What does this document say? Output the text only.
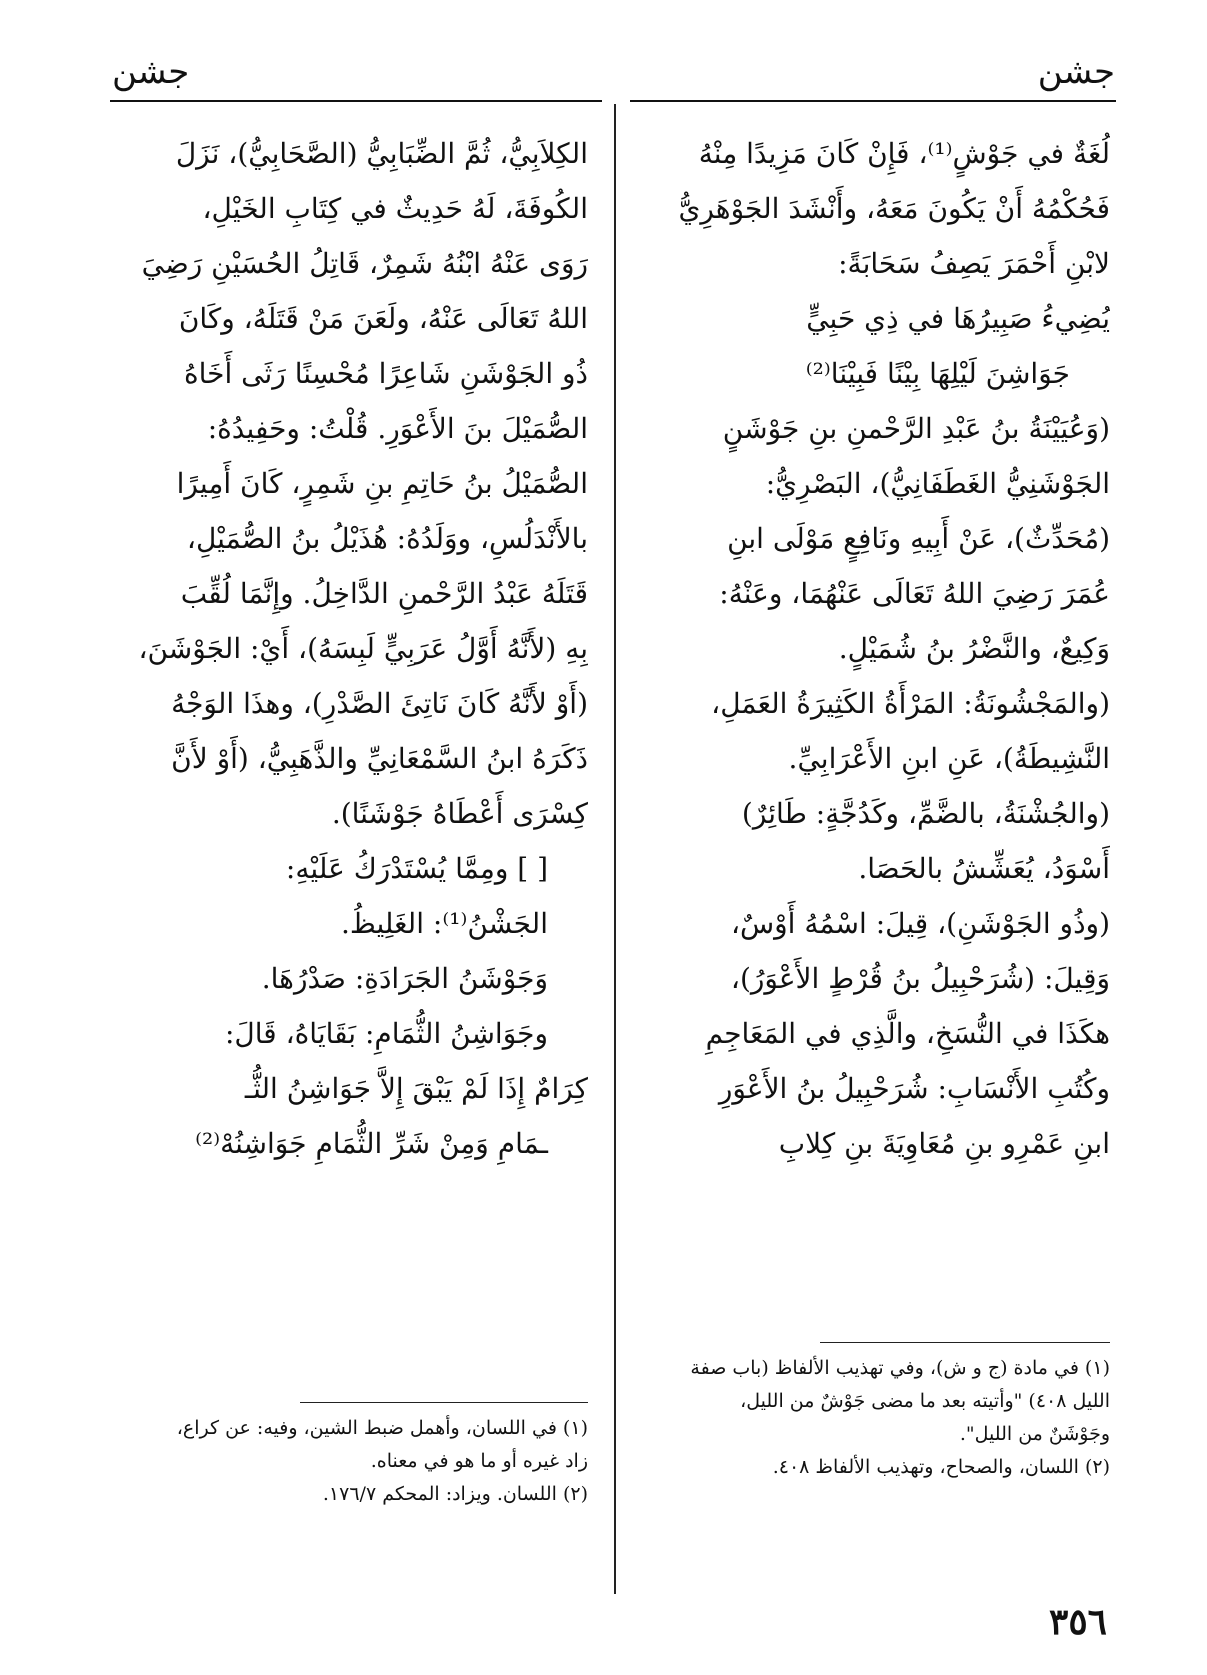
جشن
جشن
لُغَةٌ في جَوْشٍ⁽¹⁾، فَإِنْ كَانَ مَزِيدًا مِنْهُ
فَحُكْمُهُ أَنْ يَكُونَ مَعَهُ، وأَنْشَدَ الجَوْهَرِيُّ
لابْنِ أَحْمَرَ يَصِفُ سَحَابَةً:
يُضِيءُ صَبِيرُهَا في ذِي حَبِيٍّ
جَوَاشِنَ لَيْلِهَا بِيْنًا فَبِيْنَا⁽²⁾
(وَعُيَيْنَةُ بنُ عَبْدِ الرَّحْمنِ بنِ جَوْشَنٍ
الجَوْشَنِيُّ الغَطَفَانِيُّ)، البَصْرِيُّ:
(مُحَدِّثٌ)، عَنْ أَبِيهِ ونَافِعٍ مَوْلَى ابنِ
عُمَرَ رَضِيَ اللهُ تَعَالَى عَنْهُمَا، وعَنْهُ:
وَكِيعٌ، والنَّضْرُ بنُ شُمَيْلٍ.
(والمَجْشُونَةُ: المَرْأَةُ الكَثِيرَةُ العَمَلِ،
النَّشِيطَةُ)، عَنِ ابنِ الأَعْرَابِيِّ.
(والجُشْنَةُ، بالضَّمِّ، وكَدُجَّةٍ: طَائِرٌ)
أَسْوَدُ، يُعَشِّشُ بالحَصَا.
(وذُو الجَوْشَنِ)، قِيلَ: اسْمُهُ أَوْسٌ،
وَقِيلَ: (شُرَحْبِيلُ بنُ قُرْطٍ الأَعْوَرُ)،
هكَذَا في النُّسَخِ، والَّذِي في المَعَاجِمِ
وكُتُبِ الأَنْسَابِ: شُرَحْبِيلُ بنُ الأَعْوَرِ
ابنِ عَمْرِو بنِ مُعَاوِيَةَ بنِ كِلابِ
الكِلاَبِيُّ، ثُمَّ الضِّبَابِيُّ (الصَّحَابِيُّ)، نَزَلَ
الكُوفَةَ، لَهُ حَدِيثٌ في كِتَابِ الخَيْلِ،
رَوَى عَنْهُ ابْنُهُ شَمِرٌ، قَاتِلُ الحُسَيْنِ رَضِيَ
اللهُ تَعَالَى عَنْهُ، ولَعَنَ مَنْ قَتَلَهُ، وكَانَ
ذُو الجَوْشَنِ شَاعِرًا مُحْسِنًا رَثَى أَخَاهُ
الصُّمَيْلَ بنَ الأَعْوَرِ. قُلْتُ: وحَفِيدُهُ:
الصُّمَيْلُ بنُ حَاتِمِ بنِ شَمِرٍ، كَانَ أَمِيرًا
بالأَنْدَلُسِ، ووَلَدُهُ: هُذَيْلُ بنُ الصُّمَيْلِ،
قَتَلَهُ عَبْدُ الرَّحْمنِ الدَّاخِلُ. وإِنَّمَا لُقِّبَ
بِهِ (لأَنَّهُ أَوَّلُ عَرَبِيٍّ لَبِسَهُ)، أَيْ: الجَوْشَنَ،
(أَوْ لأَنَّهُ كَانَ نَاتِئَ الصَّدْرِ)، وهذَا الوَجْهُ
ذَكَرَهُ ابنُ السَّمْعَانِيِّ والذَّهَبِيُّ، (أَوْ لأَنَّ
كِسْرَى أَعْطَاهُ جَوْشَنًا).
[ ] ومِمَّا يُسْتَدْرَكُ عَلَيْهِ:
الجَشْنُ⁽¹⁾: الغَلِيظُ.
وَجَوْشَنُ الجَرَادَةِ: صَدْرُهَا.
وجَوَاشِنُ الثُّمَامِ: بَقَايَاهُ، قَالَ:
كِرَامٌ إِذَا لَمْ يَبْقَ إِلاَّ جَوَاشِنُ الثُّـ
ـمَامِ وَمِنْ شَرِّ الثُّمَامِ جَوَاشِنُهْ⁽²⁾
(١) في مادة (ج و ش)، وفي تهذيب الألفاظ (باب صفة
الليل ٤٠٨) "وأتيته بعد ما مضى جَوْشٌ من الليل،
وجَوْشَنٌ من الليل".
(٢) اللسان، والصحاح، وتهذيب الألفاظ ٤٠٨.
(١) في اللسان، وأهمل ضبط الشين، وفيه: عن كراع،
زاد غيره أو ما هو في معناه.
(٢) اللسان. ويزاد: المحكم ١٧٦/٧.
٣٥٦
